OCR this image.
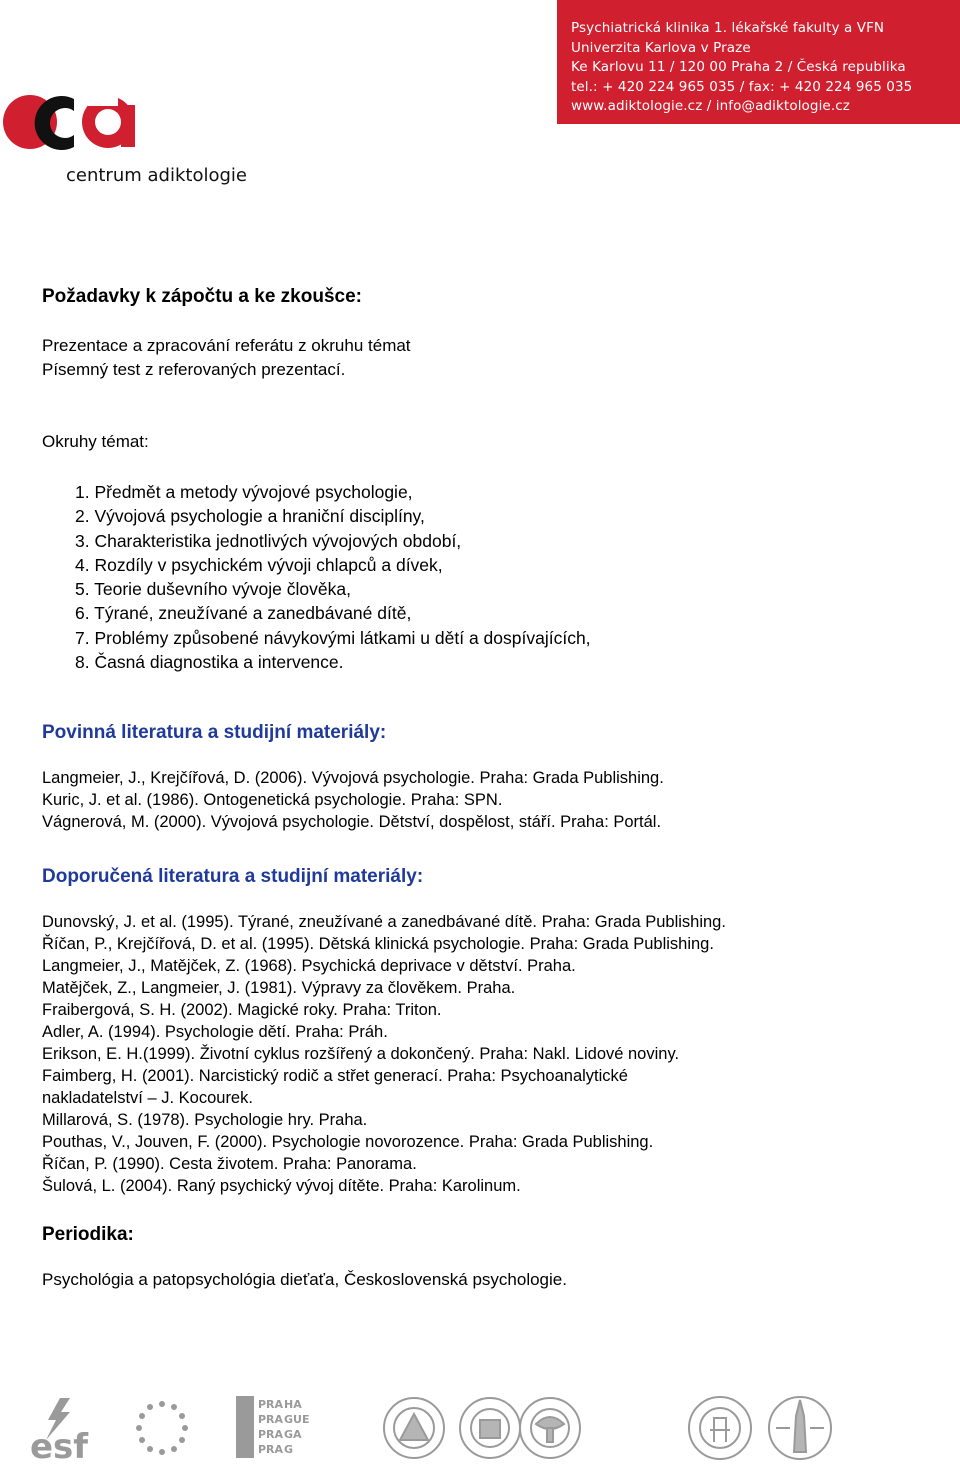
Psychiatrická klinika 1. lékařské fakulty a VFN
Univerzita Karlova v Praze
Ke Karlovu 11 / 120 00 Praha 2 / Česká republika
tel.: + 420 224 965 035 / fax: + 420 224 965 035
www.adiktologie.cz / info@adiktologie.cz
centrum adiktologie
Požadavky k zápočtu a ke zkoušce:
Prezentace a zpracování referátu z okruhu témat
Písemný test z referovaných prezentací.
Okruhy témat:
1. Předmět a metody vývojové psychologie,
2. Vývojová psychologie a hraniční disciplíny,
3. Charakteristika jednotlivých vývojových období,
4. Rozdíly v psychickém vývoji chlapců a dívek,
5. Teorie duševního vývoje člověka,
6. Týrané, zneužívané a zanedbávané dítě,
7. Problémy způsobené návykovými látkami u dětí a dospívajících,
8. Časná diagnostika a intervence.
Povinná literatura a studijní materiály:
Langmeier, J., Krejčířová, D. (2006). Vývojová psychologie. Praha: Grada Publishing.
Kuric, J. et al. (1986). Ontogenetická psychologie. Praha: SPN.
Vágnerová, M. (2000). Vývojová psychologie. Dětství, dospělost, stáří. Praha: Portál.
Doporučená literatura a studijní materiály:
Dunovský, J. et al. (1995). Týrané, zneužívané a zanedbávané dítě. Praha: Grada Publishing.
Říčan, P., Krejčířová, D. et al. (1995). Dětská klinická psychologie. Praha: Grada Publishing.
Langmeier, J., Matějček, Z. (1968). Psychická deprivace v dětství. Praha.
Matějček, Z., Langmeier, J. (1981). Výpravy za člověkem. Praha.
Fraibergová, S. H. (2002). Magické roky. Praha: Triton.
Adler, A. (1994). Psychologie dětí. Praha: Práh.
Erikson, E. H.(1999). Životní cyklus rozšířený a dokončený. Praha: Nakl. Lidové noviny.
Faimberg, H. (2001). Narcistický rodič a střet generací. Praha: Psychoanalytické
nakladatelství – J. Kocourek.
Millarová, S. (1978). Psychologie hry. Praha.
Pouthas, V., Jouven, F. (2000). Psychologie novorozence. Praha: Grada Publishing.
Říčan, P. (1990). Cesta životem. Praha: Panorama.
Šulová, L. (2004). Raný psychický vývoj dítěte. Praha: Karolinum.
Periodika:
Psychológia a patopsychológia dieťaťa, Československá psychologie.
esf
PRA HA
PRA GUE
PRA GA
PRA G
